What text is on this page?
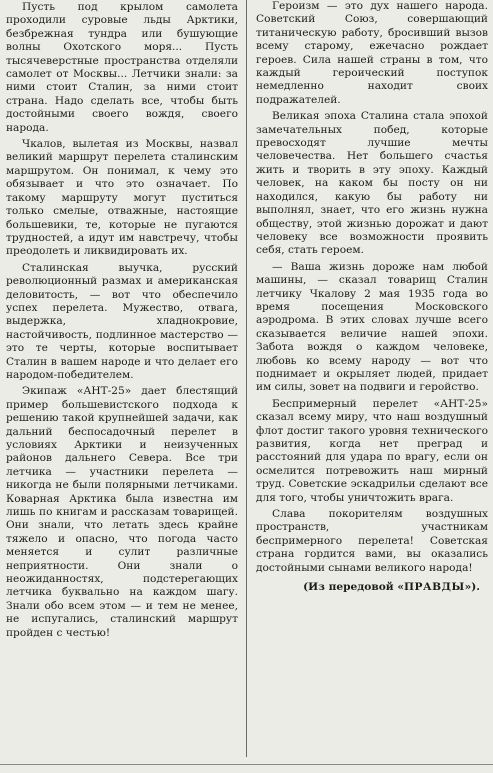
Пусть под крылом самолета проходили суровые льды Арктики, безбрежная тундра или бушующие волны Охотского моря... Пусть тысячеверстные пространства отделяли самолет от Москвы... Летчики знали: за ними стоит Сталин, за ними стоит страна. Надо сделать все, чтобы быть достойными своего вождя, своего народа.

Чкалов, вылетая из Москвы, назвал великий маршрут перелета сталинским маршрутом. Он понимал, к чему это обязывает и что это означает. По такому маршруту могут пуститься только смелые, отважные, настоящие большевики, те, которые не пугаются трудностей, а идут им навстречу, чтобы преодолеть и ликвидировать их.

Сталинская выучка, русский революционный размах и американская деловитость, — вот что обеспечило успех перелета. Мужество, отвага, выдержка, хладнокровие, настойчивость, подлинное мастерство — это те черты, которые воспитывает Сталин в вашем народе и что делает его народом-победителем.

Экипаж «АНТ-25» дает блестящий пример большевистского подхода к решению такой крупнейшей задачи, как дальний беспосадочный перелет в условиях Арктики и неизученных районов дальнего Севера. Все три летчика — участники перелета — никогда не были полярными летчиками. Коварная Арктика была известна им лишь по книгам и рассказам товарищей. Они знали, что летать здесь крайне тяжело и опасно, что погода часто меняется и сулит различные неприятности. Они знали о неожиданностях, подстерегающих летчика буквально на каждом шагу. Знали обо всем этом — и тем не менее, не испугались, сталинский маршрут пройден с честью!

Героизм — это дух нашего народа. Советский Союз, совершающий титаническую работу, бросивший вызов всему старому, ежечасно рождает героев. Сила нашей страны в том, что каждый героический поступок немедленно находит своих подражателей.

Великая эпоха Сталина стала эпохой замечательных побед, которые превосходят лучшие мечты человечества. Нет большего счастья жить и творить в эту эпоху. Каждый человек, на каком бы посту он ни находился, какую бы работу ни выполнял, знает, что его жизнь нужна обществу, этой жизнью дорожат и дают человеку все возможности проявить себя, стать героем.

— Ваша жизнь дороже нам любой машины, — сказал товарищ Сталин летчику Чкалову 2 мая 1935 года во время посещения Московского аэродрома. В этих словах лучше всего сказывается величие нашей эпохи. Забота вождя о каждом человеке, любовь ко всему народу — вот что поднимает и окрыляет людей, придает им силы, зовет на подвиги и геройство.

Беспримерный перелет «АНТ-25» сказал всему миру, что наш воздушный флот достиг такого уровня технического развития, когда нет преград и расстояний для удара по врагу, если он осмелится потревожить наш мирный труд. Советские эскадрильи сделают все для того, чтобы уничтожить врага.

Слава покорителям воздушных пространств, участникам беспримерного перелета! Советская страна гордится вами, вы оказались достойными сынами великого народа!

(Из передовой «ПРАВДЫ»).
